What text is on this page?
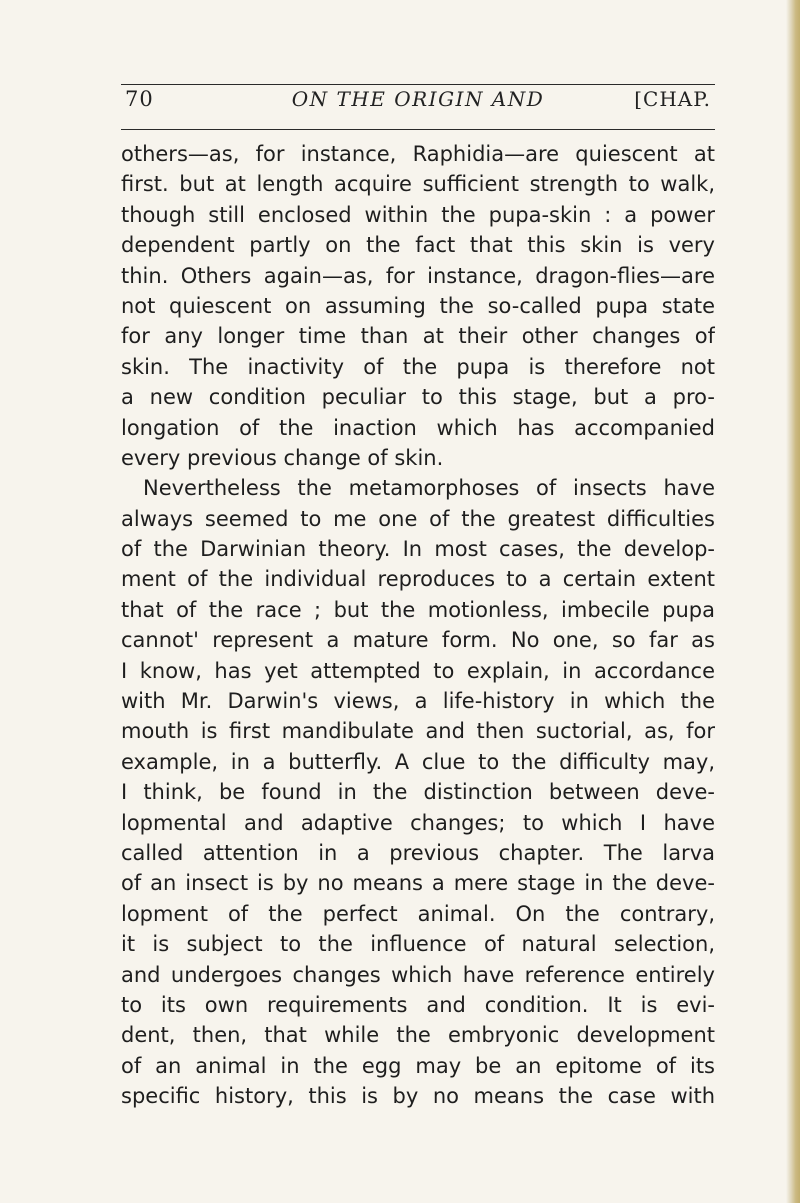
70	ON THE ORIGIN AND	[CHAP.
others—as, for instance, Raphidia—are quiescent at
first. but at length acquire sufficient strength to walk,
though still enclosed within the pupa-skin : a power
dependent partly on the fact that this skin is very
thin. Others again—as, for instance, dragon-flies—are
not quiescent on assuming the so-called pupa state
for any longer time than at their other changes of
skin. The inactivity of the pupa is therefore not
a new condition peculiar to this stage, but a pro-
longation of the inaction which has accompanied
every previous change of skin.
Nevertheless the metamorphoses of insects have
always seemed to me one of the greatest difficulties
of the Darwinian theory. In most cases, the develop-
ment of the individual reproduces to a certain extent
that of the race ; but the motionless, imbecile pupa
cannot' represent a mature form. No one, so far as
I know, has yet attempted to explain, in accordance
with Mr. Darwin's views, a life-history in which the
mouth is first mandibulate and then suctorial, as, for
example, in a butterfly. A clue to the difficulty may,
I think, be found in the distinction between deve-
lopmental and adaptive changes; to which I have
called attention in a previous chapter. The larva
of an insect is by no means a mere stage in the deve-
lopment of the perfect animal. On the contrary,
it is subject to the influence of natural selection,
and undergoes changes which have reference entirely
to its own requirements and condition. It is evi-
dent, then, that while the embryonic development
of an animal in the egg may be an epitome of its
specific history, this is by no means the case with
